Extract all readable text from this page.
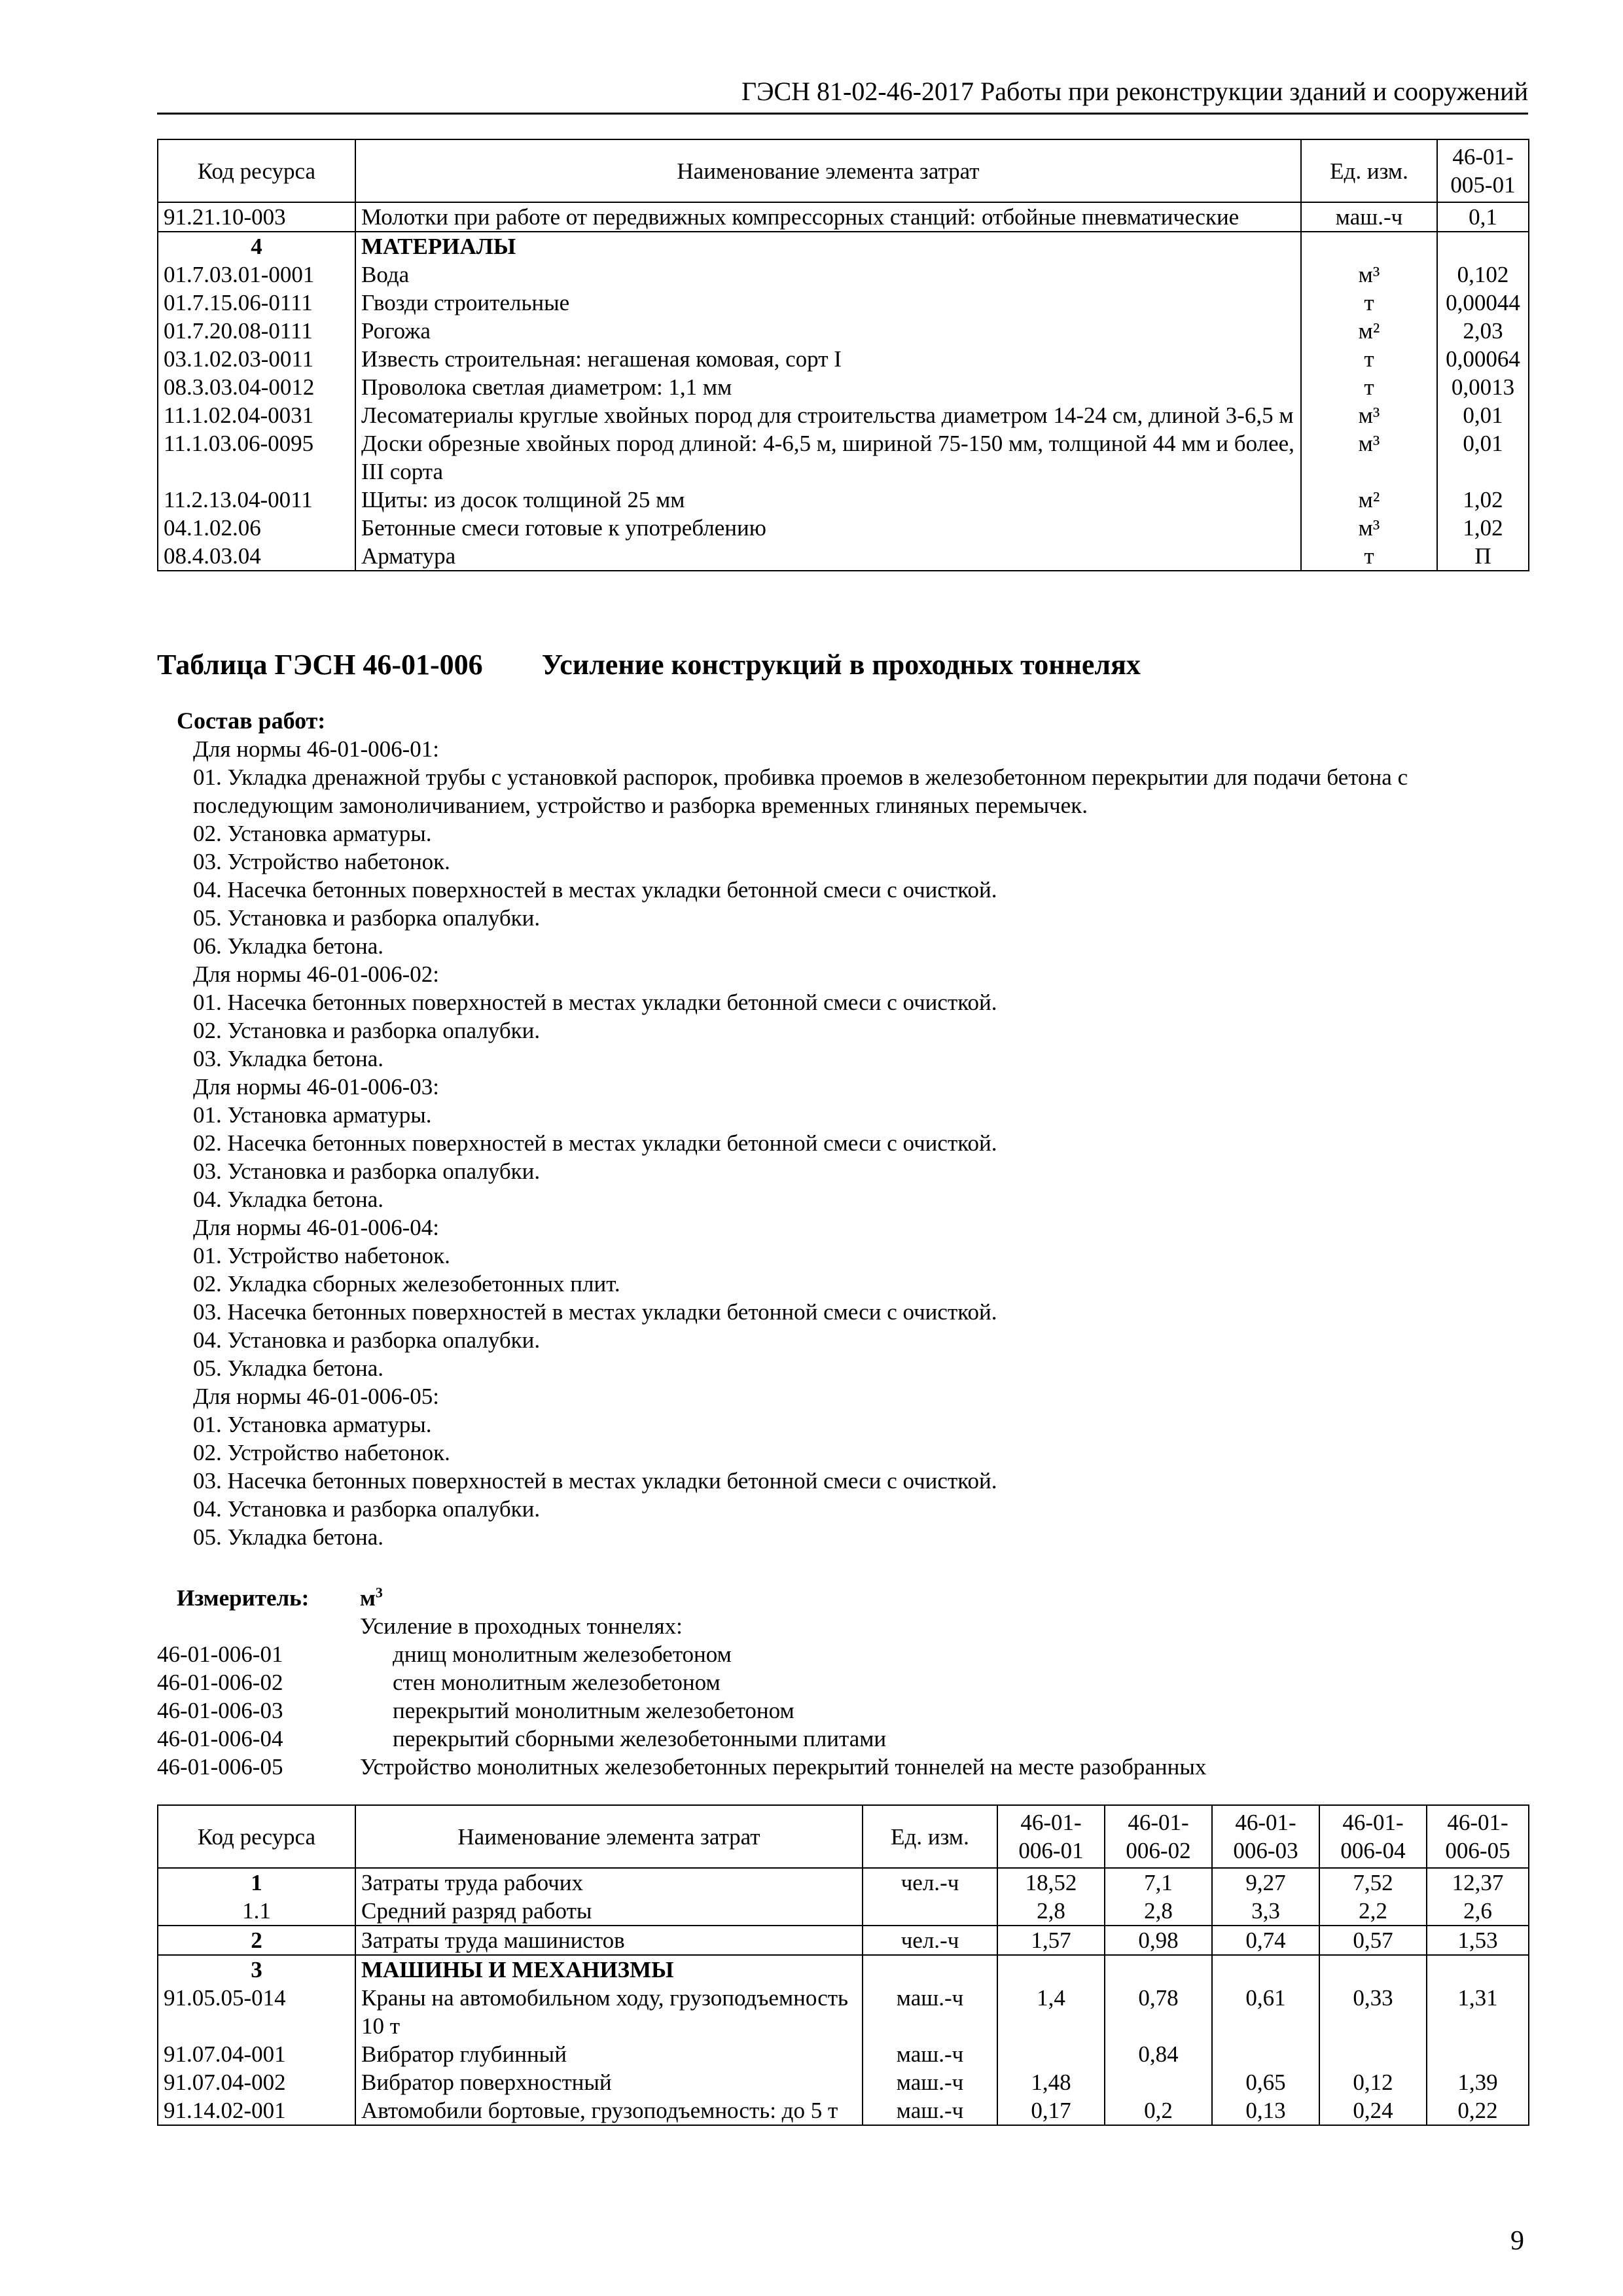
ГЭСН 81-02-46-2017 Работы при реконструкции зданий и сооружений
Код ресурса	Наименование элемента затрат	Ед. изм.	46-01-005-01
91.21.10-003	Молотки при работе от передвижных компрессорных станций: отбойные пневматические	маш.-ч	0,1
4	МАТЕРИАЛЫ		
01.7.03.01-0001	Вода	м³	0,102
01.7.15.06-0111	Гвозди строительные	т	0,00044
01.7.20.08-0111	Рогожа	м²	2,03
03.1.02.03-0011	Известь строительная: негашеная комовая, сорт I	т	0,00064
08.3.03.04-0012	Проволока светлая диаметром: 1,1 мм	т	0,0013
11.1.02.04-0031	Лесоматериалы круглые хвойных пород для строительства диаметром 14-24 см, длиной 3-6,5 м	м³	0,01
11.1.03.06-0095	Доски обрезные хвойных пород длиной: 4-6,5 м, шириной 75-150 мм, толщиной 44 мм и более, III сорта	м³	0,01
11.2.13.04-0011	Щиты: из досок толщиной 25 мм	м²	1,02
04.1.02.06	Бетонные смеси готовые к употреблению	м³	1,02
08.4.03.04	Арматура	т	П
Таблица ГЭСН 46-01-006 Усиление конструкций в проходных тоннелях
Состав работ:
Для нормы 46-01-006-01:
01. Укладка дренажной трубы с установкой распорок, пробивка проемов в железобетонном перекрытии для подачи бетона с последующим замоноличиванием, устройство и разборка временных глиняных перемычек.
02. Установка арматуры.
03. Устройство набетонок.
04. Насечка бетонных поверхностей в местах укладки бетонной смеси с очисткой.
05. Установка и разборка опалубки.
06. Укладка бетона.
Для нормы 46-01-006-02:
01. Насечка бетонных поверхностей в местах укладки бетонной смеси с очисткой.
02. Установка и разборка опалубки.
03. Укладка бетона.
Для нормы 46-01-006-03:
01. Установка арматуры.
02. Насечка бетонных поверхностей в местах укладки бетонной смеси с очисткой.
03. Установка и разборка опалубки.
04. Укладка бетона.
Для нормы 46-01-006-04:
01. Устройство набетонок.
02. Укладка сборных железобетонных плит.
03. Насечка бетонных поверхностей в местах укладки бетонной смеси с очисткой.
04. Установка и разборка опалубки.
05. Укладка бетона.
Для нормы 46-01-006-05:
01. Установка арматуры.
02. Устройство набетонок.
03. Насечка бетонных поверхностей в местах укладки бетонной смеси с очисткой.
04. Установка и разборка опалубки.
05. Укладка бетона.
Измеритель:	$м^3$
Усиление в проходных тоннелях:
46-01-006-01	днищ монолитным железобетоном
46-01-006-02	стен монолитным железобетоном
46-01-006-03	перекрытий монолитным железобетоном
46-01-006-04	перекрытий сборными железобетонными плитами
46-01-006-05	Устройство монолитных железобетонных перекрытий тоннелей на месте разобранных
Код ресурса	Наименование элемента затрат	Ед. изм.	46-01-006-01	46-01-006-02	46-01-006-03	46-01-006-04	46-01-006-05
1	Затраты труда рабочих	чел.-ч	18,52	7,1	9,27	7,52	12,37
1.1	Средний разряд работы		2,8	2,8	3,3	2,2	2,6
2	Затраты труда машинистов	чел.-ч	1,57	0,98	0,74	0,57	1,53
3	МАШИНЫ И МЕХАНИЗМЫ						
91.05.05-014	Краны на автомобильном ходу, грузоподъемность 10 т	маш.-ч	1,4	0,78	0,61	0,33	1,31
91.07.04-001	Вибратор глубинный	маш.-ч		0,84			
91.07.04-002	Вибратор поверхностный	маш.-ч	1,48		0,65	0,12	1,39
91.14.02-001	Автомобили бортовые, грузоподъемность: до 5 т	маш.-ч	0,17	0,2	0,13	0,24	0,22
9
